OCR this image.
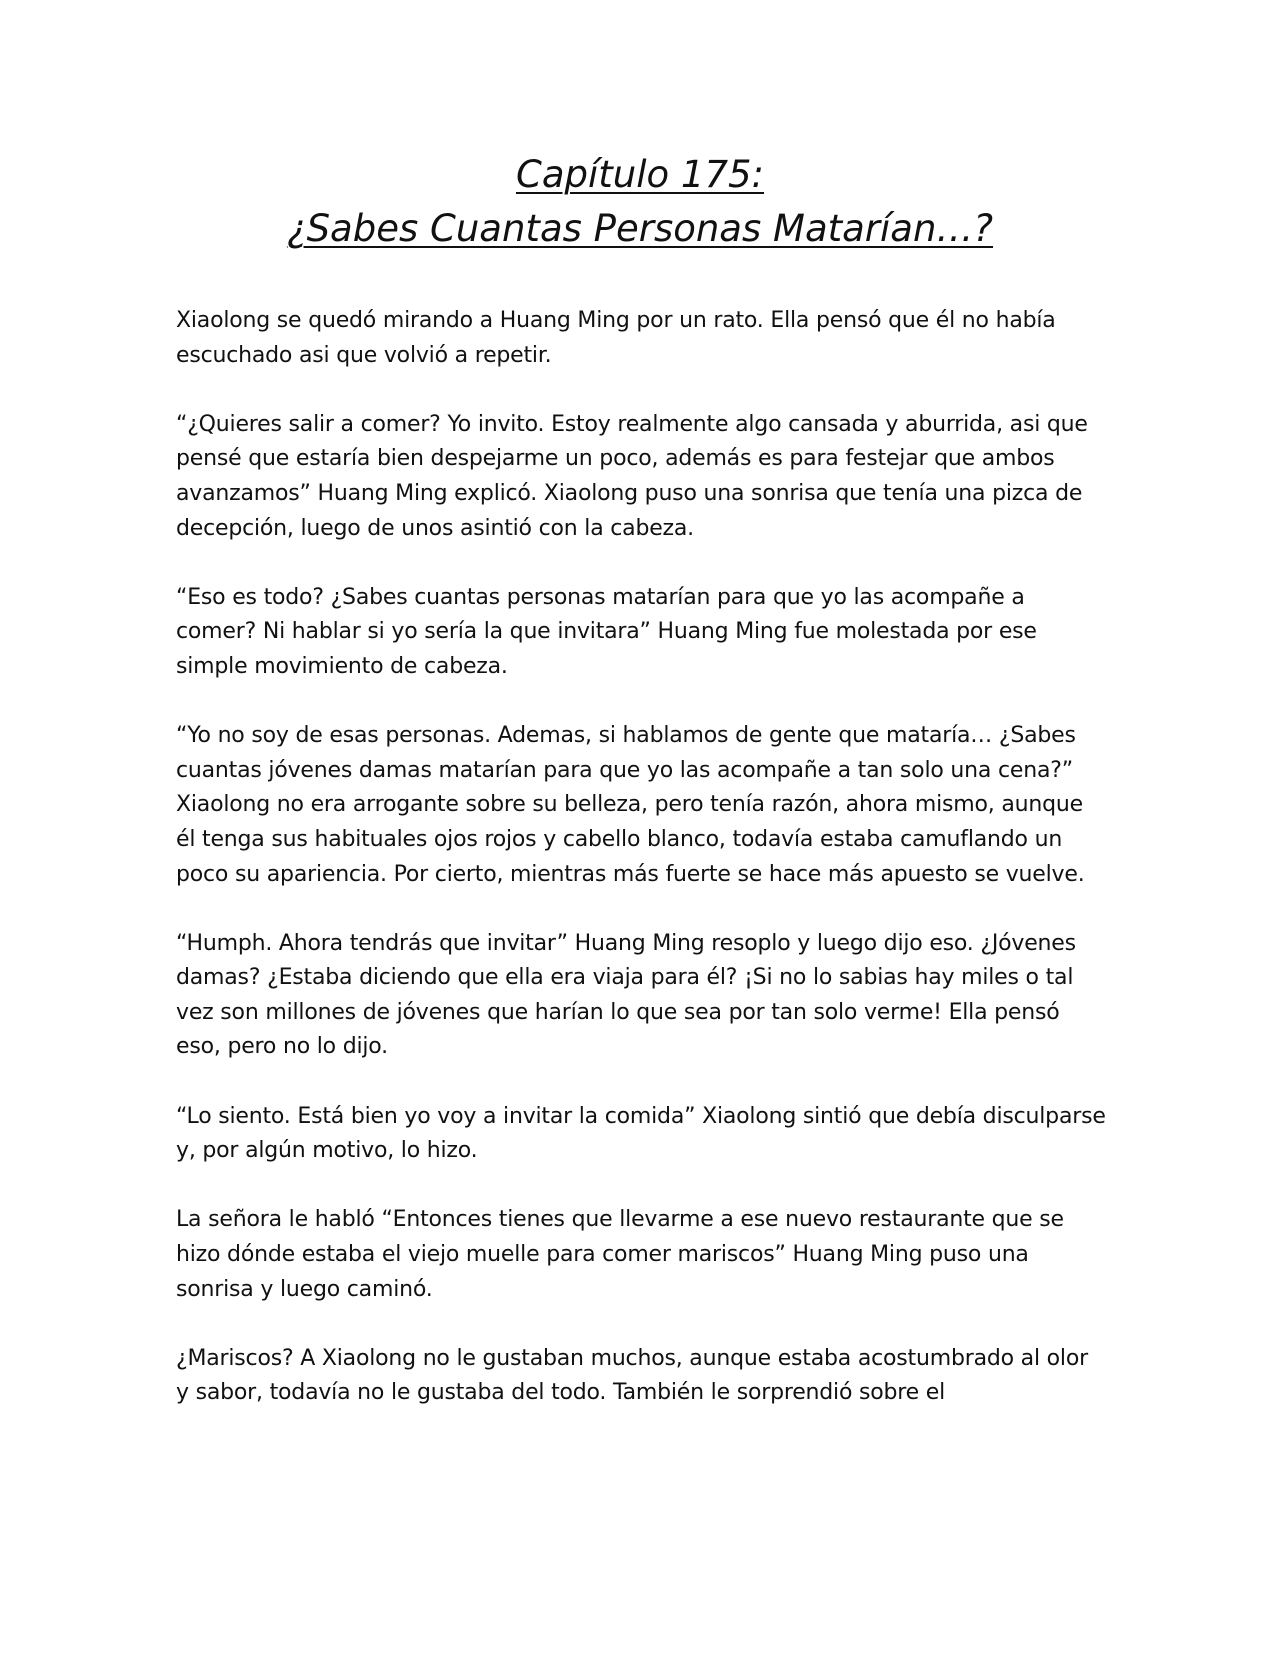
Capítulo 175:
¿Sabes Cuantas Personas Matarían…?

Xiaolong se quedó mirando a Huang Ming por un rato. Ella pensó que él no había escuchado asi que volvió a repetir.

“¿Quieres salir a comer? Yo invito. Estoy realmente algo cansada y aburrida, asi que pensé que estaría bien despejarme un poco, además es para festejar que ambos avanzamos” Huang Ming explicó. Xiaolong puso una sonrisa que tenía una pizca de decepción, luego de unos asintió con la cabeza.

“Eso es todo? ¿Sabes cuantas personas matarían para que yo las acompañe a comer? Ni hablar si yo sería la que invitara” Huang Ming fue molestada por ese simple movimiento de cabeza.

“Yo no soy de esas personas. Ademas, si hablamos de gente que mataría… ¿Sabes cuantas jóvenes damas matarían para que yo las acompañe a tan solo una cena?” Xiaolong no era arrogante sobre su belleza, pero tenía razón, ahora mismo, aunque él tenga sus habituales ojos rojos y cabello blanco, todavía estaba camuflando un poco su apariencia. Por cierto, mientras más fuerte se hace más apuesto se vuelve.

“Humph. Ahora tendrás que invitar” Huang Ming resoplo y luego dijo eso. ¿Jóvenes damas? ¿Estaba diciendo que ella era viaja para él? ¡Si no lo sabias hay miles o tal vez son millones de jóvenes que harían lo que sea por tan solo verme! Ella pensó eso, pero no lo dijo.

“Lo siento. Está bien yo voy a invitar la comida” Xiaolong sintió que debía disculparse y, por algún motivo, lo hizo.

La señora le habló “Entonces tienes que llevarme a ese nuevo restaurante que se hizo dónde estaba el viejo muelle para comer mariscos” Huang Ming puso una sonrisa y luego caminó.

¿Mariscos? A Xiaolong no le gustaban muchos, aunque estaba acostumbrado al olor y sabor, todavía no le gustaba del todo. También le sorprendió sobre el
